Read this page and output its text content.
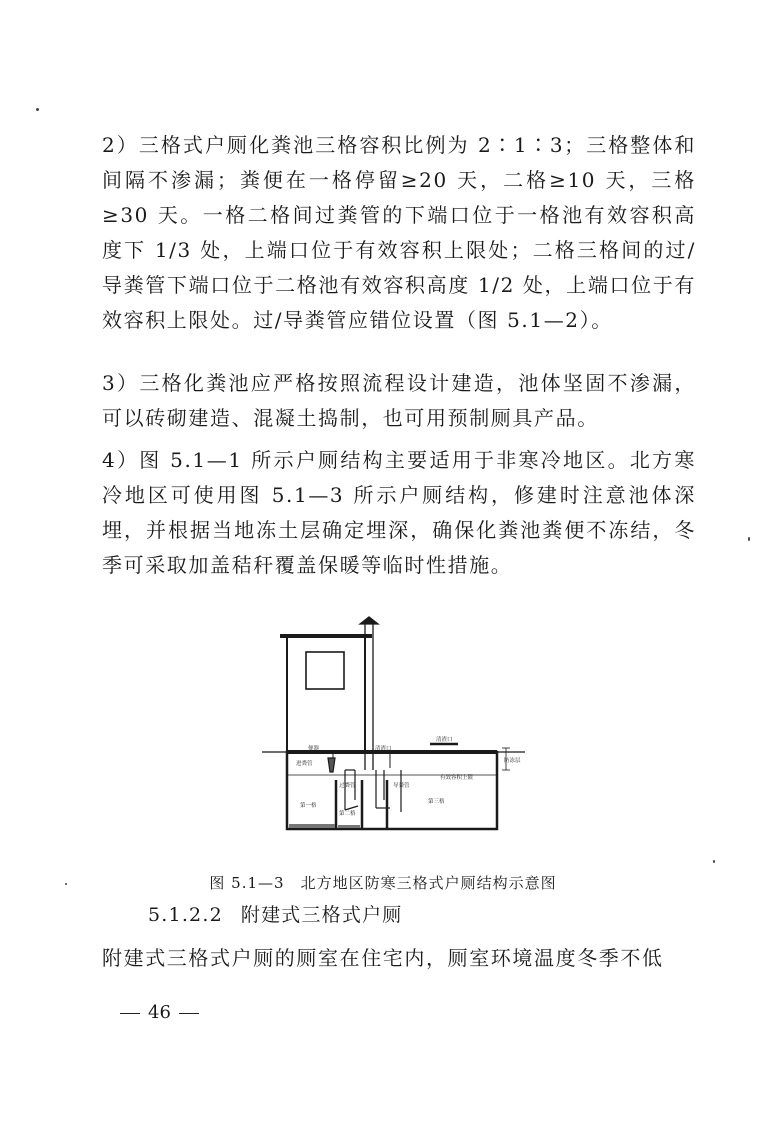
2）三格式户厕化粪池三格容积比例为 2∶1∶3；三格整体和间隔不渗漏；粪便在一格停留≥20 天，二格≥10 天，三格≥30 天。一格二格间过粪管的下端口位于一格池有效容积高度下 1/3 处，上端口位于有效容积上限处；二格三格间的过/导粪管下端口位于二格池有效容积高度 1/2 处，上端口位于有效容积上限处。过/导粪管应错位设置（图 5.1—2）。

3）三格化粪池应严格按照流程设计建造，池体坚固不渗漏，可以砖砌建造、混凝土捣制，也可用预制厕具产品。

4）图 5.1—1 所示户厕结构主要适用于非寒冷地区。北方寒冷地区可使用图 5.1—3 所示户厕结构，修建时注意池体深埋，并根据当地冻土层确定埋深，确保化粪池粪便不冻结，冬季可采取加盖秸秆覆盖保暖等临时性措施。

便器	清渣口
清渣口
防冻层
进粪管
过粪管	导粪管
有效容积上限
第一格
第二格
第三格
图 5.1—3 北方地区防寒三格式户厕结构示意图
5.1.2.2 附建式三格式户厕

附建式三格式户厕的厕室在住宅内，厕室环境温度冬季不低

46
